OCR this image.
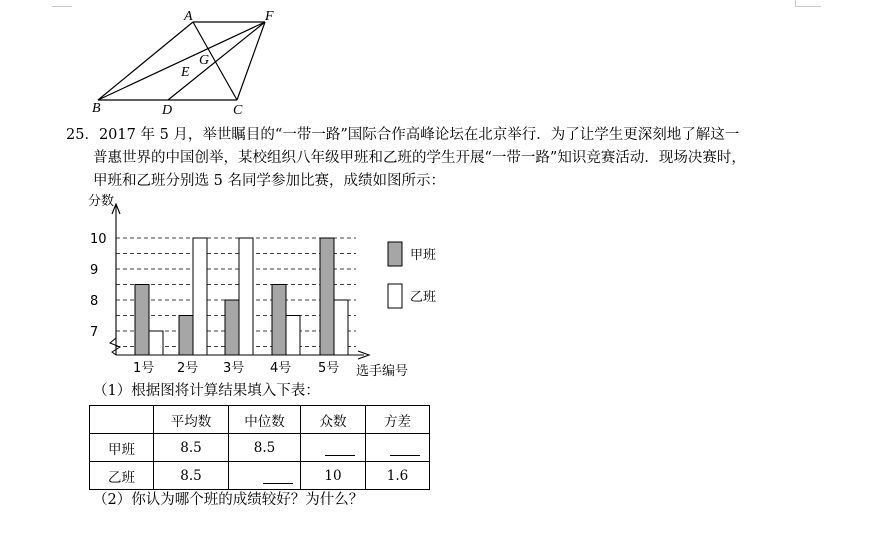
A	F
G
E
B	D	C
25．2017 年 5 月，举世瞩目的“一带一路”国际合作高峰论坛在北京举行．为了让学生更深刻地了解这一
普惠世界的中国创举，某校组织八年级甲班和乙班的学生开展“一带一路”知识竞赛活动．现场决赛时，
甲班和乙班分别选 5 名同学参加比赛，成绩如图所示：
分数
选手编号
7
8
9
10
1号 2号 3号 4号 5号
甲班
乙班
（1）根据图将计算结果填入下表：
	平均数	中位数	众数	方差
甲班	8.5	8.5		
乙班	8.5		10	1.6
（2）你认为哪个班的成绩较好？为什么？
